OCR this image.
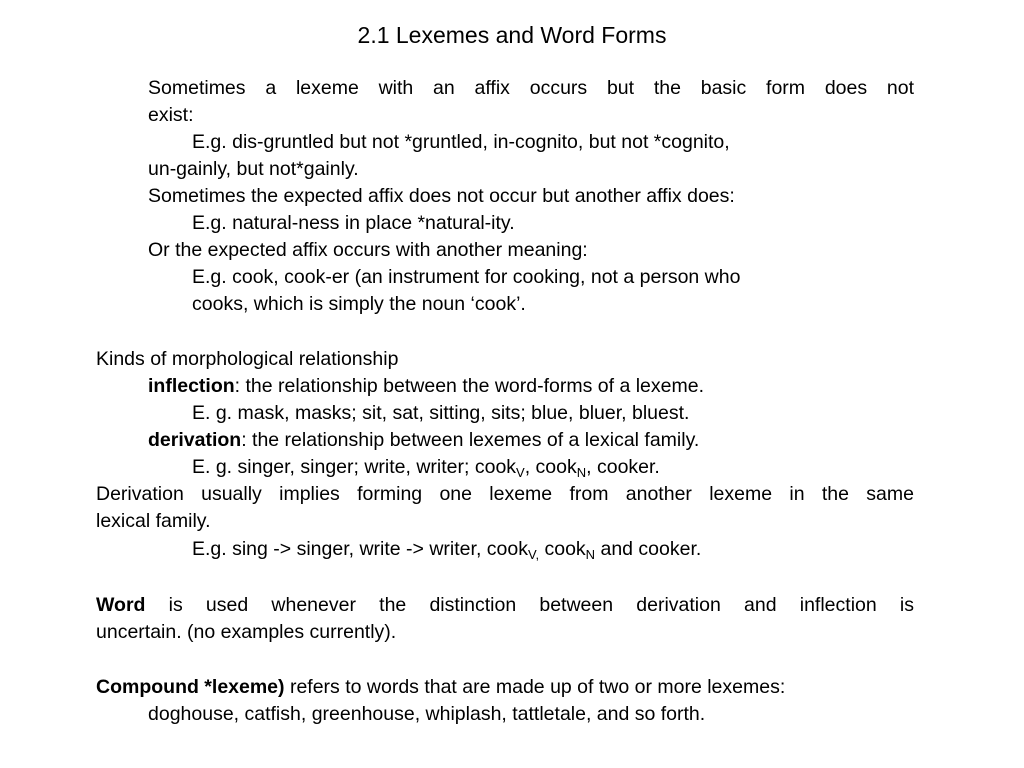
2.1 Lexemes and Word Forms
Sometimes a lexeme with an affix occurs but the basic form does not
exist:
E.g. dis-gruntled but not *gruntled, in-cognito, but not *cognito,
un-gainly, but not*gainly.
Sometimes the expected affix does not occur but another affix does:
E.g. natural-ness in place *natural-ity.
Or the expected affix occurs with another meaning:
E.g. cook, cook-er (an instrument for cooking, not a person who
cooks, which is simply the noun ‘cook’.
Kinds of morphological relationship
inflection: the relationship between the word-forms of a lexeme.
E. g. mask, masks; sit, sat, sitting, sits; blue, bluer, bluest.
derivation: the relationship between lexemes of a lexical family.
E. g. singer, singer; write, writer; cook$_V$, cook$_N$, cooker.
Derivation usually implies forming one lexeme from another lexeme in the same
lexical family.
E.g. sing -> singer, write -> writer, cook$_{V,}$ cook$_N$ and cooker.
Word is used whenever the distinction between derivation and inflection is
uncertain. (no examples currently).
Compound *lexeme) refers to words that are made up of two or more lexemes:
doghouse, catfish, greenhouse, whiplash, tattletale, and so forth.
